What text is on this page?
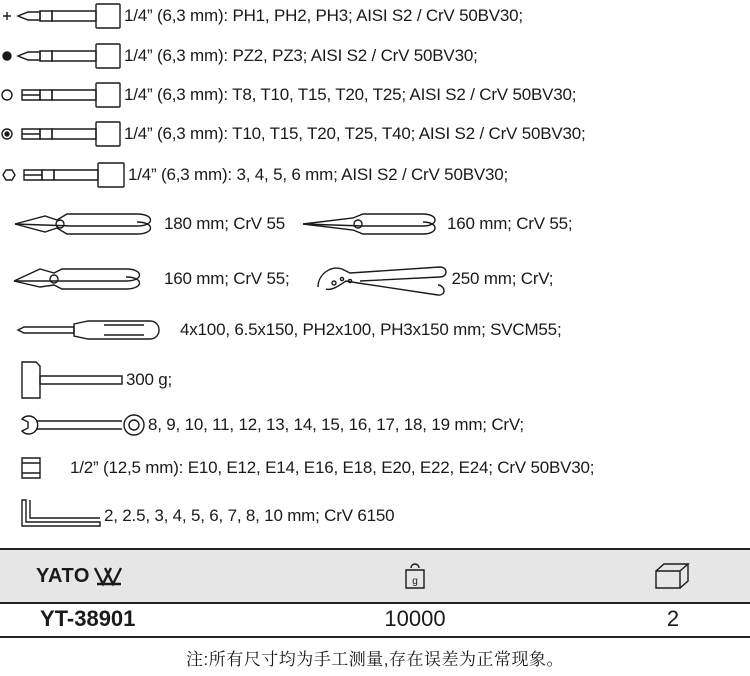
1/4” (6,3 mm): PH1, PH2, PH3; AISI S2 / CrV 50BV30;
1/4” (6,3 mm): PZ2, PZ3; AISI S2 / CrV 50BV30;
1/4” (6,3 mm): T8, T10, T15, T20, T25; AISI S2 / CrV 50BV30;
1/4” (6,3 mm): T10, T15, T20, T25, T40; AISI S2 / CrV 50BV30;
1/4” (6,3 mm): 3, 4, 5, 6 mm; AISI S2 / CrV 50BV30;
180 mm; CrV 55	160 mm; CrV 55;
160 mm; CrV 55;	250 mm; CrV;
4x100, 6.5x150, PH2x100, PH3x150 mm; SVCM55;
300 g;
8, 9, 10, 11, 12, 13, 14, 15, 16, 17, 18, 19 mm; CrV;
1/2” (12,5 mm): E10, E12, E14, E16, E18, E20, E22, E24; CrV 50BV30;
2, 2.5, 3, 4, 5, 6, 7, 8, 10 mm; CrV 6150
YATO	g
YT-38901	10000	2
注:所有尺寸均为手工测量,存在误差为正常现象。
